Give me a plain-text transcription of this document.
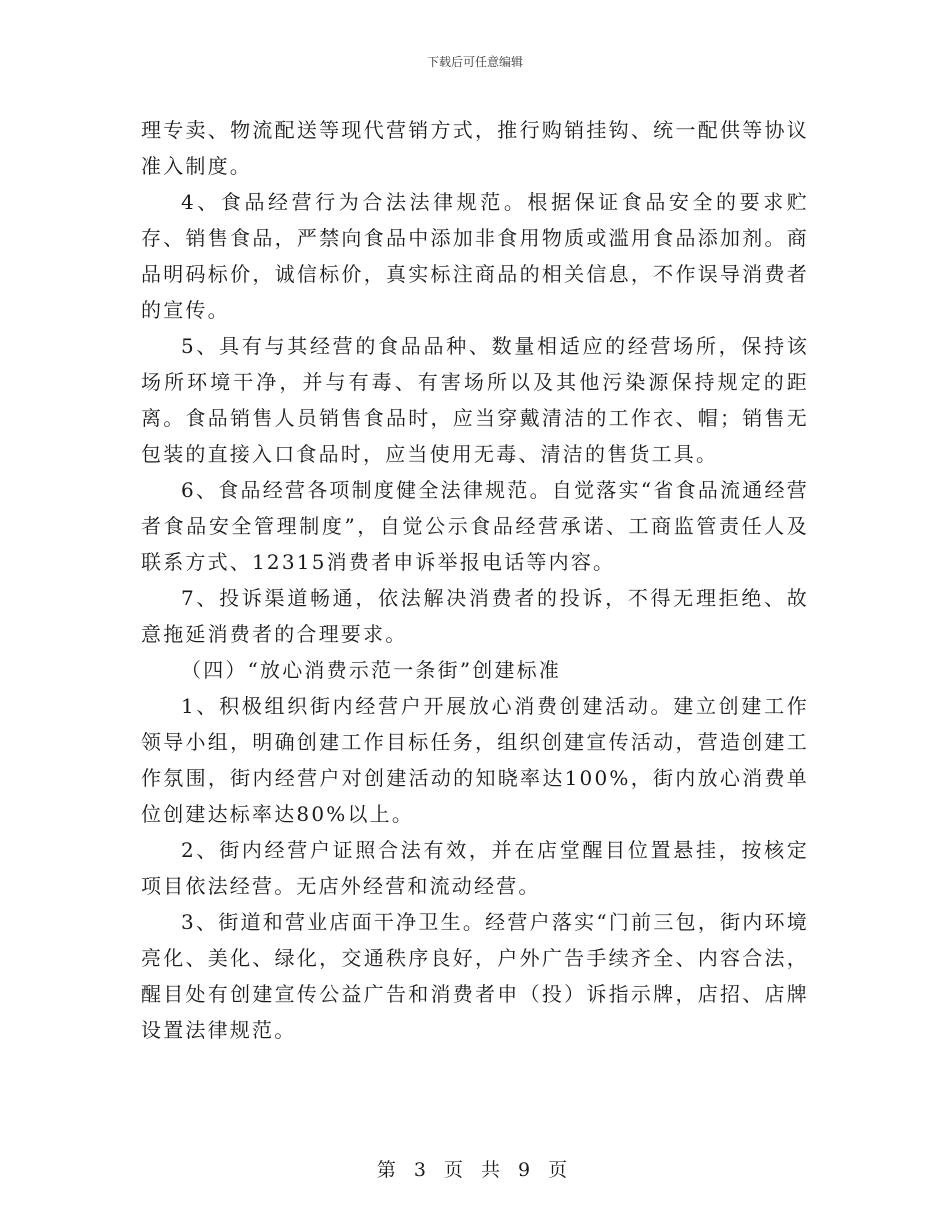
下载后可任意编辑

理专卖、物流配送等现代营销方式，推行购销挂钩、统一配供等协议准入制度。

4、食品经营行为合法法律规范。根据保证食品安全的要求贮存、销售食品，严禁向食品中添加非食用物质或滥用食品添加剂。商品明码标价，诚信标价，真实标注商品的相关信息，不作误导消费者的宣传。

5、具有与其经营的食品品种、数量相适应的经营场所，保持该场所环境干净，并与有毒、有害场所以及其他污染源保持规定的距离。食品销售人员销售食品时，应当穿戴清洁的工作衣、帽；销售无包装的直接入口食品时，应当使用无毒、清洁的售货工具。

6、食品经营各项制度健全法律规范。自觉落实“省食品流通经营者食品安全管理制度”，自觉公示食品经营承诺、工商监管责任人及联系方式、12315消费者申诉举报电话等内容。

7、投诉渠道畅通，依法解决消费者的投诉，不得无理拒绝、故意拖延消费者的合理要求。

（四）“放心消费示范一条街”创建标准

1、积极组织街内经营户开展放心消费创建活动。建立创建工作领导小组，明确创建工作目标任务，组织创建宣传活动，营造创建工作氛围，街内经营户对创建活动的知晓率达100%，街内放心消费单位创建达标率达80%以上。

2、街内经营户证照合法有效，并在店堂醒目位置悬挂，按核定项目依法经营。无店外经营和流动经营。

3、街道和营业店面干净卫生。经营户落实“门前三包，街内环境亮化、美化、绿化，交通秩序良好，户外广告手续齐全、内容合法，醒目处有创建宣传公益广告和消费者申（投）诉指示牌，店招、店牌设置法律规范。

第 3 页 共 9 页
